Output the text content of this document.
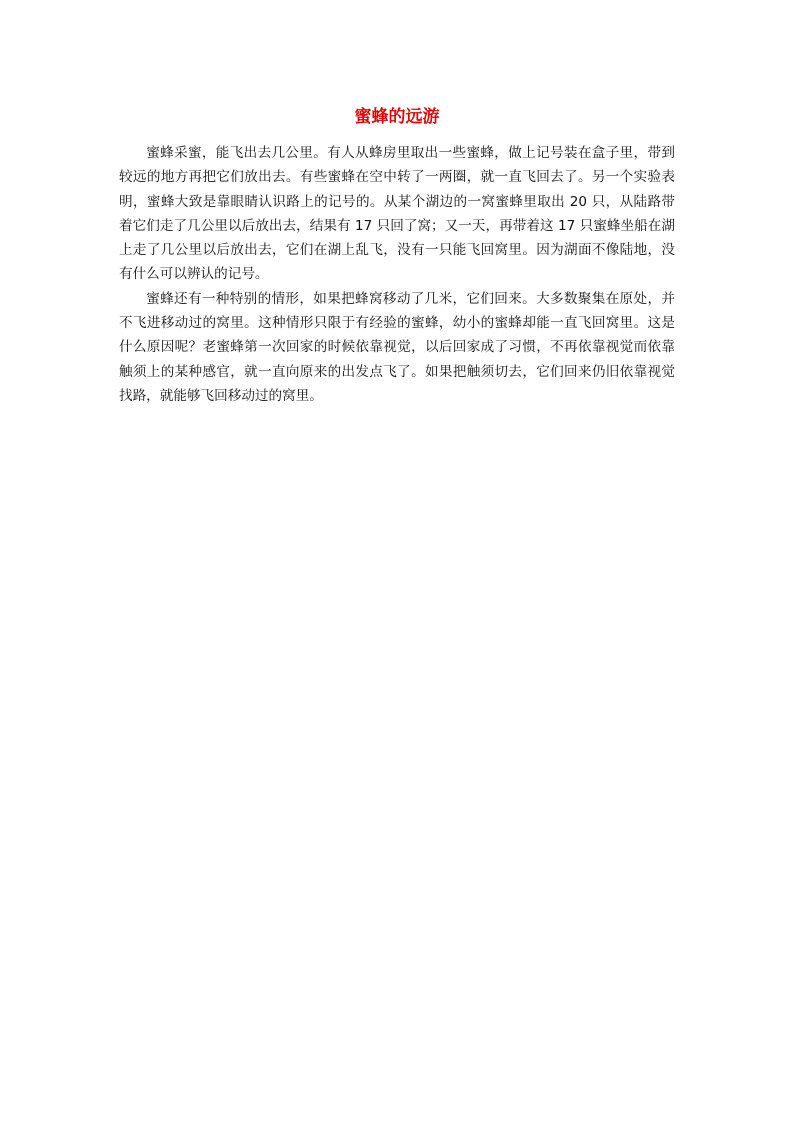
蜜蜂的远游

蜜蜂采蜜，能飞出去几公里。有人从蜂房里取出一些蜜蜂，做上记号装在盒子里，带到较远的地方再把它们放出去。有些蜜蜂在空中转了一两圈，就一直飞回去了。另一个实验表明，蜜蜂大致是靠眼睛认识路上的记号的。从某个湖边的一窝蜜蜂里取出 20 只，从陆路带着它们走了几公里以后放出去，结果有 17 只回了窝；又一天，再带着这 17 只蜜蜂坐船在湖上走了几公里以后放出去，它们在湖上乱飞，没有一只能飞回窝里。因为湖面不像陆地，没有什么可以辨认的记号。

蜜蜂还有一种特别的情形，如果把蜂窝移动了几米，它们回来。大多数聚集在原处，并不飞进移动过的窝里。这种情形只限于有经验的蜜蜂，幼小的蜜蜂却能一直飞回窝里。这是什么原因呢？老蜜蜂第一次回家的时候依靠视觉，以后回家成了习惯，不再依靠视觉而依靠触须上的某种感官，就一直向原来的出发点飞了。如果把触须切去，它们回来仍旧依靠视觉找路，就能够飞回移动过的窝里。
